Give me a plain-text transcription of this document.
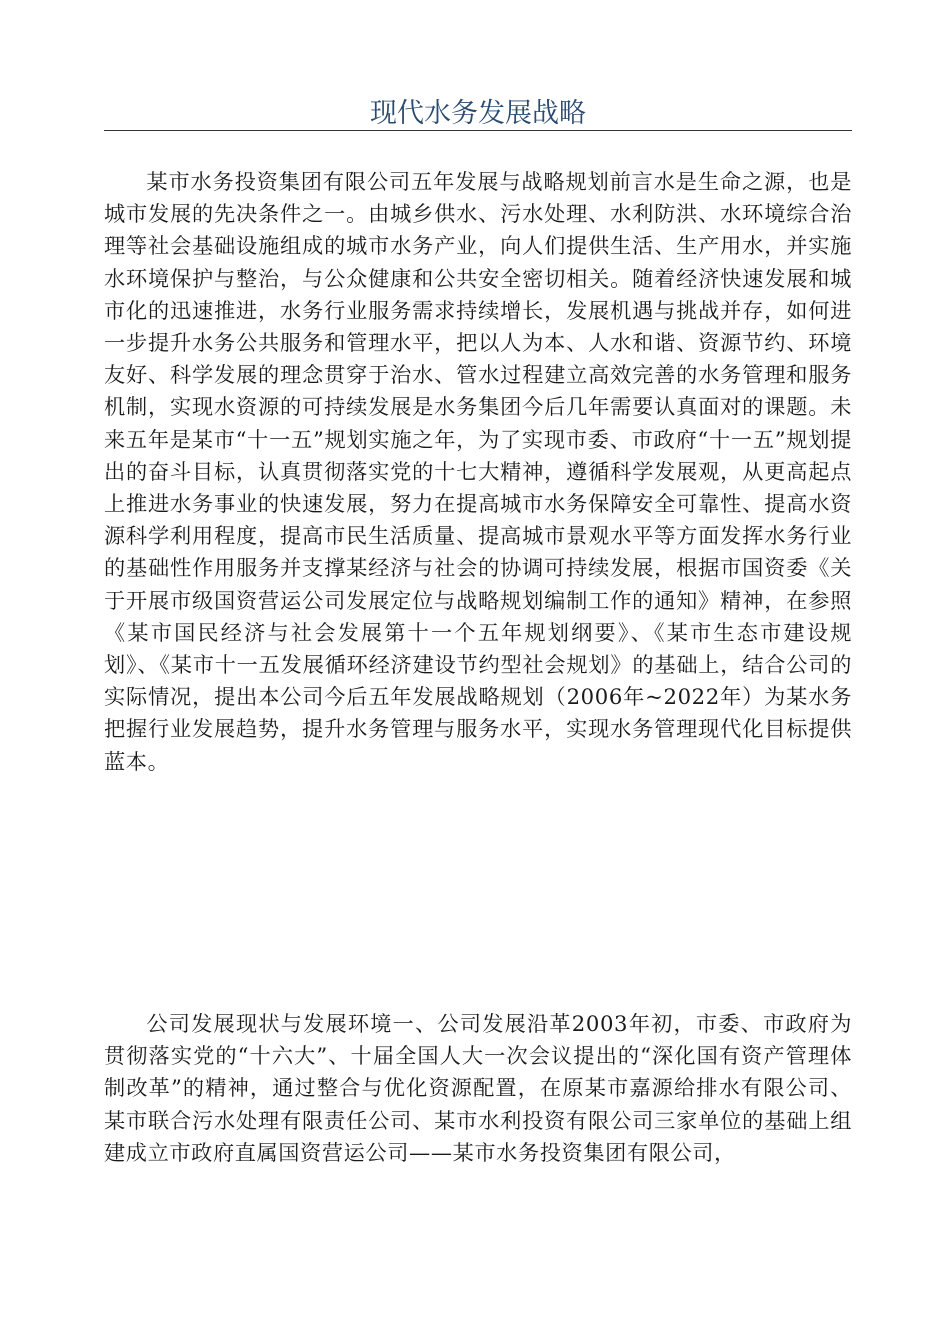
现代水务发展战略

某市水务投资集团有限公司五年发展与战略规划前言水是生命之源，也是城市发展的先决条件之一。由城乡供水、污水处理、水利防洪、水环境综合治理等社会基础设施组成的城市水务产业，向人们提供生活、生产用水，并实施水环境保护与整治，与公众健康和公共安全密切相关。随着经济快速发展和城市化的迅速推进，水务行业服务需求持续增长，发展机遇与挑战并存，如何进一步提升水务公共服务和管理水平，把以人为本、人水和谐、资源节约、环境友好、科学发展的理念贯穿于治水、管水过程建立高效完善的水务管理和服务机制，实现水资源的可持续发展是水务集团今后几年需要认真面对的课题。未来五年是某市“十一五”规划实施之年，为了实现市委、市政府“十一五”规划提出的奋斗目标，认真贯彻落实党的十七大精神，遵循科学发展观，从更高起点上推进水务事业的快速发展，努力在提高城市水务保障安全可靠性、提高水资源科学利用程度，提高市民生活质量、提高城市景观水平等方面发挥水务行业的基础性作用服务并支撑某经济与社会的协调可持续发展，根据市国资委《关于开展市级国资营运公司发展定位与战略规划编制工作的通知》精神，在参照《某市国民经济与社会发展第十一个五年规划纲要》、《某市生态市建设规划》、《某市十一五发展循环经济建设节约型社会规划》的基础上，结合公司的实际情况，提出本公司今后五年发展战略规划（2006年~2022年）为某水务把握行业发展趋势，提升水务管理与服务水平，实现水务管理现代化目标提供蓝本。

公司发展现状与发展环境一、公司发展沿革2003年初，市委、市政府为贯彻落实党的“十六大”、十届全国人大一次会议提出的“深化国有资产管理体制改革”的精神，通过整合与优化资源配置，在原某市嘉源给排水有限公司、某市联合污水处理有限责任公司、某市水利投资有限公司三家单位的基础上组建成立市政府直属国资营运公司——某市水务投资集团有限公司，
